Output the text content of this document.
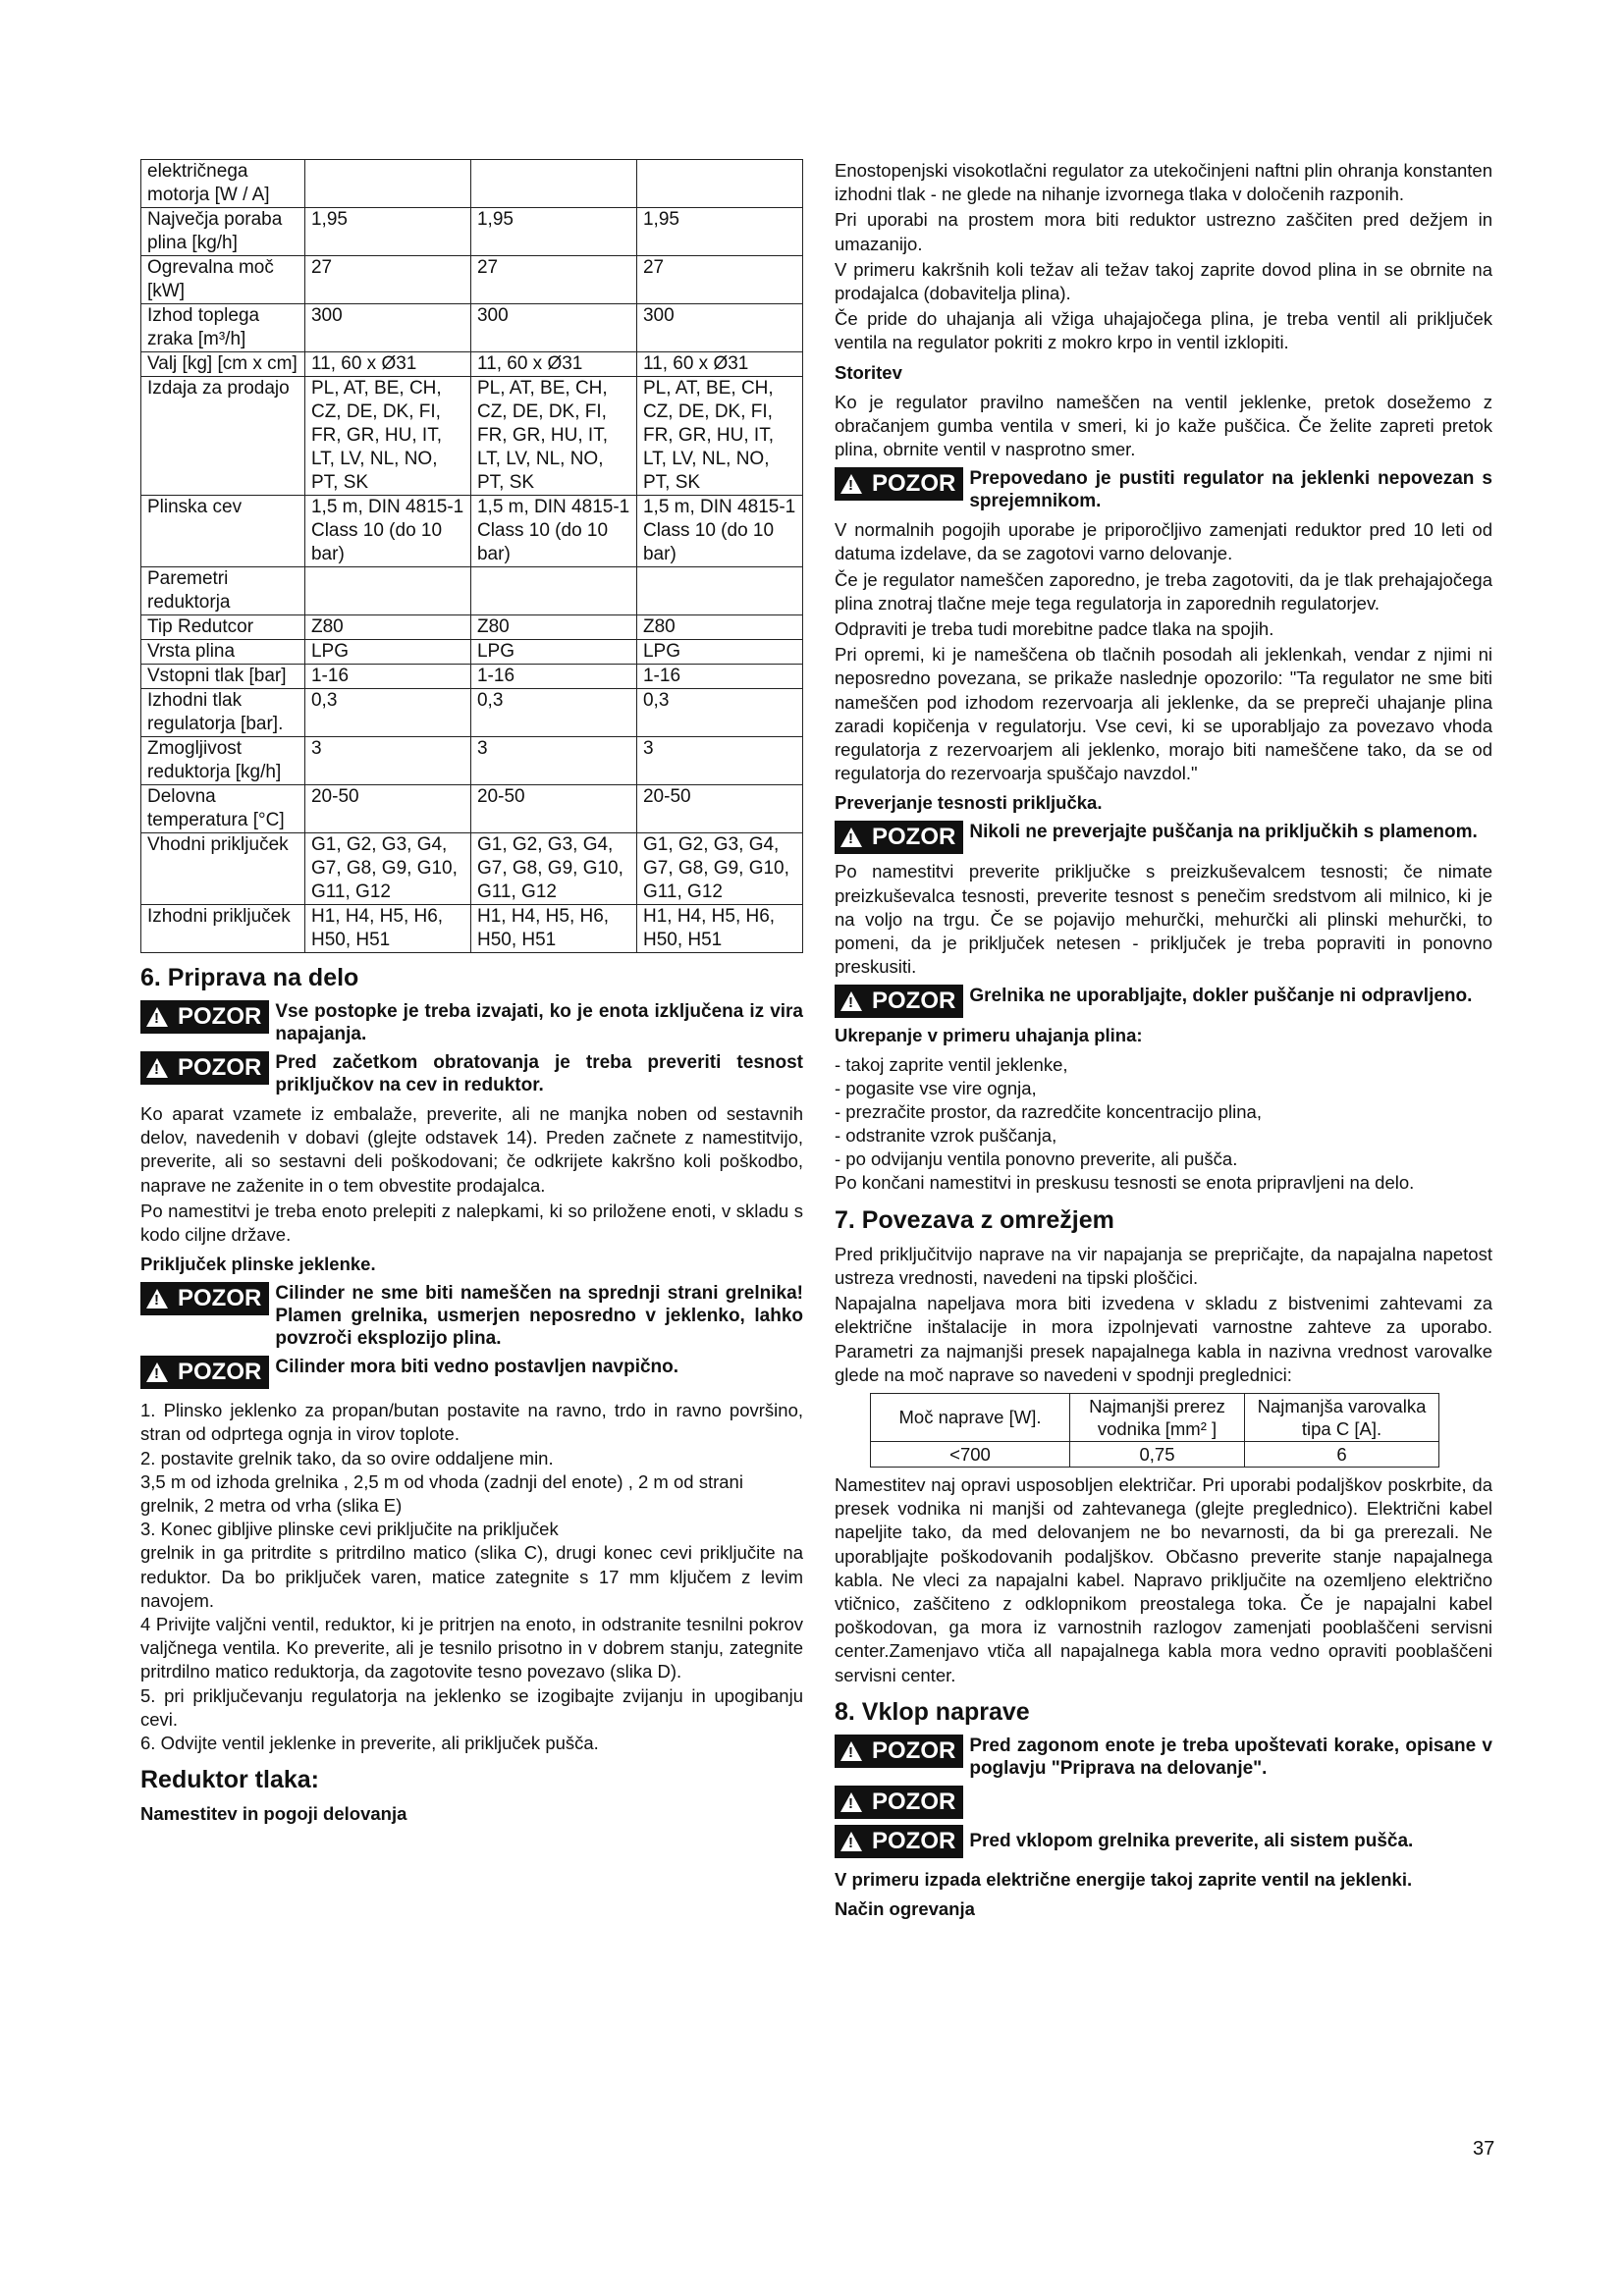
električnega motorja [W / A]			
Največja poraba plina [kg/h]	1,95	1,95	1,95
Ogrevalna moč [kW]	27	27	27
Izhod toplega zraka [m³/h]	300	300	300
Valj [kg] [cm x cm]	11, 60 x Ø31	11, 60 x Ø31	11, 60 x Ø31
Izdaja za prodajo	PL, AT, BE, CH, CZ, DE, DK, FI, FR, GR, HU, IT, LT, LV, NL, NO, PT, SK	PL, AT, BE, CH, CZ, DE, DK, FI, FR, GR, HU, IT, LT, LV, NL, NO, PT, SK	PL, AT, BE, CH, CZ, DE, DK, FI, FR, GR, HU, IT, LT, LV, NL, NO, PT, SK
Plinska cev	1,5 m, DIN 4815-1 Class 10 (do 10 bar)	1,5 m, DIN 4815-1 Class 10 (do 10 bar)	1,5 m, DIN 4815-1 Class 10 (do 10 bar)
Paremetri reduktorja			
Tip Redutcor	Z80	Z80	Z80
Vrsta plina	LPG	LPG	LPG
Vstopni tlak [bar]	1-16	1-16	1-16
Izhodni tlak regulatorja [bar].	0,3	0,3	0,3
Zmogljivost reduktorja [kg/h]	3	3	3
Delovna temperatura [°C]	20-50	20-50	20-50
Vhodni priključek	G1, G2, G3, G4, G7, G8, G9, G10, G11, G12	G1, G2, G3, G4, G7, G8, G9, G10, G11, G12	G1, G2, G3, G4, G7, G8, G9, G10, G11, G12
Izhodni priključek	H1, H4, H5, H6, H50, H51	H1, H4, H5, H6, H50, H51	H1, H4, H5, H6, H50, H51
6. Priprava na delo
! POZOR Vse postopke je treba izvajati, ko je enota izključena iz vira napajanja.
! POZOR Pred začetkom obratovanja je treba preveriti tesnost priključkov na cev in reduktor.

Ko aparat vzamete iz embalaže, preverite, ali ne manjka noben od sestavnih delov, navedenih v dobavi (glejte odstavek 14). Preden začnete z namestitvijo, preverite, ali so sestavni deli poškodovani; če odkrijete kakršno koli poškodbo, naprave ne zaženite in o tem obvestite prodajalca.

Po namestitvi je treba enoto prelepiti z nalepkami, ki so priložene enoti, v skladu s kodo ciljne države.

Priključek plinske jeklenke.
! POZOR Cilinder ne sme biti nameščen na sprednji strani grelnika! Plamen grelnika, usmerjen neposredno v jeklenko, lahko povzroči eksplozijo plina.
! POZOR Cilinder mora biti vedno postavljen navpično.

1. Plinsko jeklenko za propan/butan postavite na ravno, trdo in ravno površino, stran od odprtega ognja in virov toplote.

2. postavite grelnik tako, da so ovire oddaljene min.

3,5 m od izhoda grelnika , 2,5 m od vhoda (zadnji del enote) , 2 m od strani

grelnik, 2 metra od vrha (slika E)

3. Konec gibljive plinske cevi priključite na priključek

grelnik in ga pritrdite s pritrdilno matico (slika C), drugi konec cevi priključite na reduktor. Da bo priključek varen, matice zategnite s 17 mm ključem z levim navojem.

4 Privijte valjčni ventil, reduktor, ki je pritrjen na enoto, in odstranite tesnilni pokrov valjčnega ventila. Ko preverite, ali je tesnilo prisotno in v dobrem stanju, zategnite pritrdilno matico reduktorja, da zagotovite tesno povezavo (slika D).

5. pri priključevanju regulatorja na jeklenko se izogibajte zvijanju in upogibanju cevi.

6. Odvijte ventil jeklenke in preverite, ali priključek pušča.

Reduktor tlaka:
Namestitev in pogoji delovanja

Enostopenjski visokotlačni regulator za utekočinjeni naftni plin ohranja konstanten izhodni tlak - ne glede na nihanje izvornega tlaka v določenih razponih.

Pri uporabi na prostem mora biti reduktor ustrezno zaščiten pred dežjem in umazanijo.

V primeru kakršnih koli težav ali težav takoj zaprite dovod plina in se obrnite na prodajalca (dobavitelja plina).

Če pride do uhajanja ali vžiga uhajajočega plina, je treba ventil ali priključek ventila na regulator pokriti z mokro krpo in ventil izklopiti.

Storitev

Ko je regulator pravilno nameščen na ventil jeklenke, pretok dosežemo z obračanjem gumba ventila v smeri, ki jo kaže puščica. Če želite zapreti pretok plina, obrnite ventil v nasprotno smer.

! POZOR Prepovedano je pustiti regulator na jeklenki nepovezan s sprejemnikom.

V normalnih pogojih uporabe je priporočljivo zamenjati reduktor pred 10 leti od datuma izdelave, da se zagotovi varno delovanje.

Če je regulator nameščen zaporedno, je treba zagotoviti, da je tlak prehajajočega plina znotraj tlačne meje tega regulatorja in zaporednih regulatorjev.

Odpraviti je treba tudi morebitne padce tlaka na spojih.

Pri opremi, ki je nameščena ob tlačnih posodah ali jeklenkah, vendar z njimi ni neposredno povezana, se prikaže naslednje opozorilo: "Ta regulator ne sme biti nameščen pod izhodom rezervoarja ali jeklenke, da se prepreči uhajanje plina zaradi kopičenja v regulatorju. Vse cevi, ki se uporabljajo za povezavo vhoda regulatorja z rezervoarjem ali jeklenko, morajo biti nameščene tako, da se od regulatorja do rezervoarja spuščajo navzdol."

Preverjanje tesnosti priključka.
! POZOR Nikoli ne preverjajte puščanja na priključkih s plamenom.

Po namestitvi preverite priključke s preizkuševalcem tesnosti; če nimate preizkuševalca tesnosti, preverite tesnost s penečim sredstvom ali milnico, ki je na voljo na trgu. Če se pojavijo mehurčki, mehurčki ali plinski mehurčki, to pomeni, da je priključek netesen - priključek je treba popraviti in ponovno preskusiti.

! POZOR Grelnika ne uporabljajte, dokler puščanje ni odpravljeno.
Ukrepanje v primeru uhajanja plina:
- takoj zaprite ventil jeklenke,
- pogasite vse vire ognja,
- prezračite prostor, da razredčite koncentracijo plina,
- odstranite vzrok puščanja,
- po odvijanju ventila ponovno preverite, ali pušča.

Po končani namestitvi in preskusu tesnosti se enota pripravljeni na delo.

7. Povezava z omrežjem

Pred priključitvijo naprave na vir napajanja se prepričajte, da napajalna napetost ustreza vrednosti, navedeni na tipski ploščici.

Napajalna napeljava mora biti izvedena v skladu z bistvenimi zahtevami za električne inštalacije in mora izpolnjevati varnostne zahteve za uporabo. Parametri za najmanjši presek napajalnega kabla in nazivna vrednost varovalke glede na moč naprave so navedeni v spodnji preglednici:

Moč naprave [W].	Najmanjši prerez vodnika [mm² ]	Najmanjša varovalka tipa C [A].
<700	0,75	6

Namestitev naj opravi usposobljen električar. Pri uporabi podaljškov poskrbite, da presek vodnika ni manjši od zahtevanega (glejte preglednico). Električni kabel napeljite tako, da med delovanjem ne bo nevarnosti, da bi ga prerezali. Ne uporabljajte poškodovanih podaljškov. Občasno preverite stanje napajalnega kabla. Ne vleci za napajalni kabel. Napravo priključite na ozemljeno električno vtičnico, zaščiteno z odklopnikom preostalega toka. Če je napajalni kabel poškodovan, ga mora iz varnostnih razlogov zamenjati pooblaščeni servisni center.Zamenjavo vtiča all napajalnega kabla mora vedno opraviti pooblaščeni servisni center.

8. Vklop naprave
! POZOR Pred zagonom enote je treba upoštevati korake, opisane v poglavju "Priprava na delovanje".
! POZOR
! POZOR Pred vklopom grelnika preverite, ali sistem pušča.
V primeru izpada električne energije takoj zaprite ventil na jeklenki.
Način ogrevanja
37
